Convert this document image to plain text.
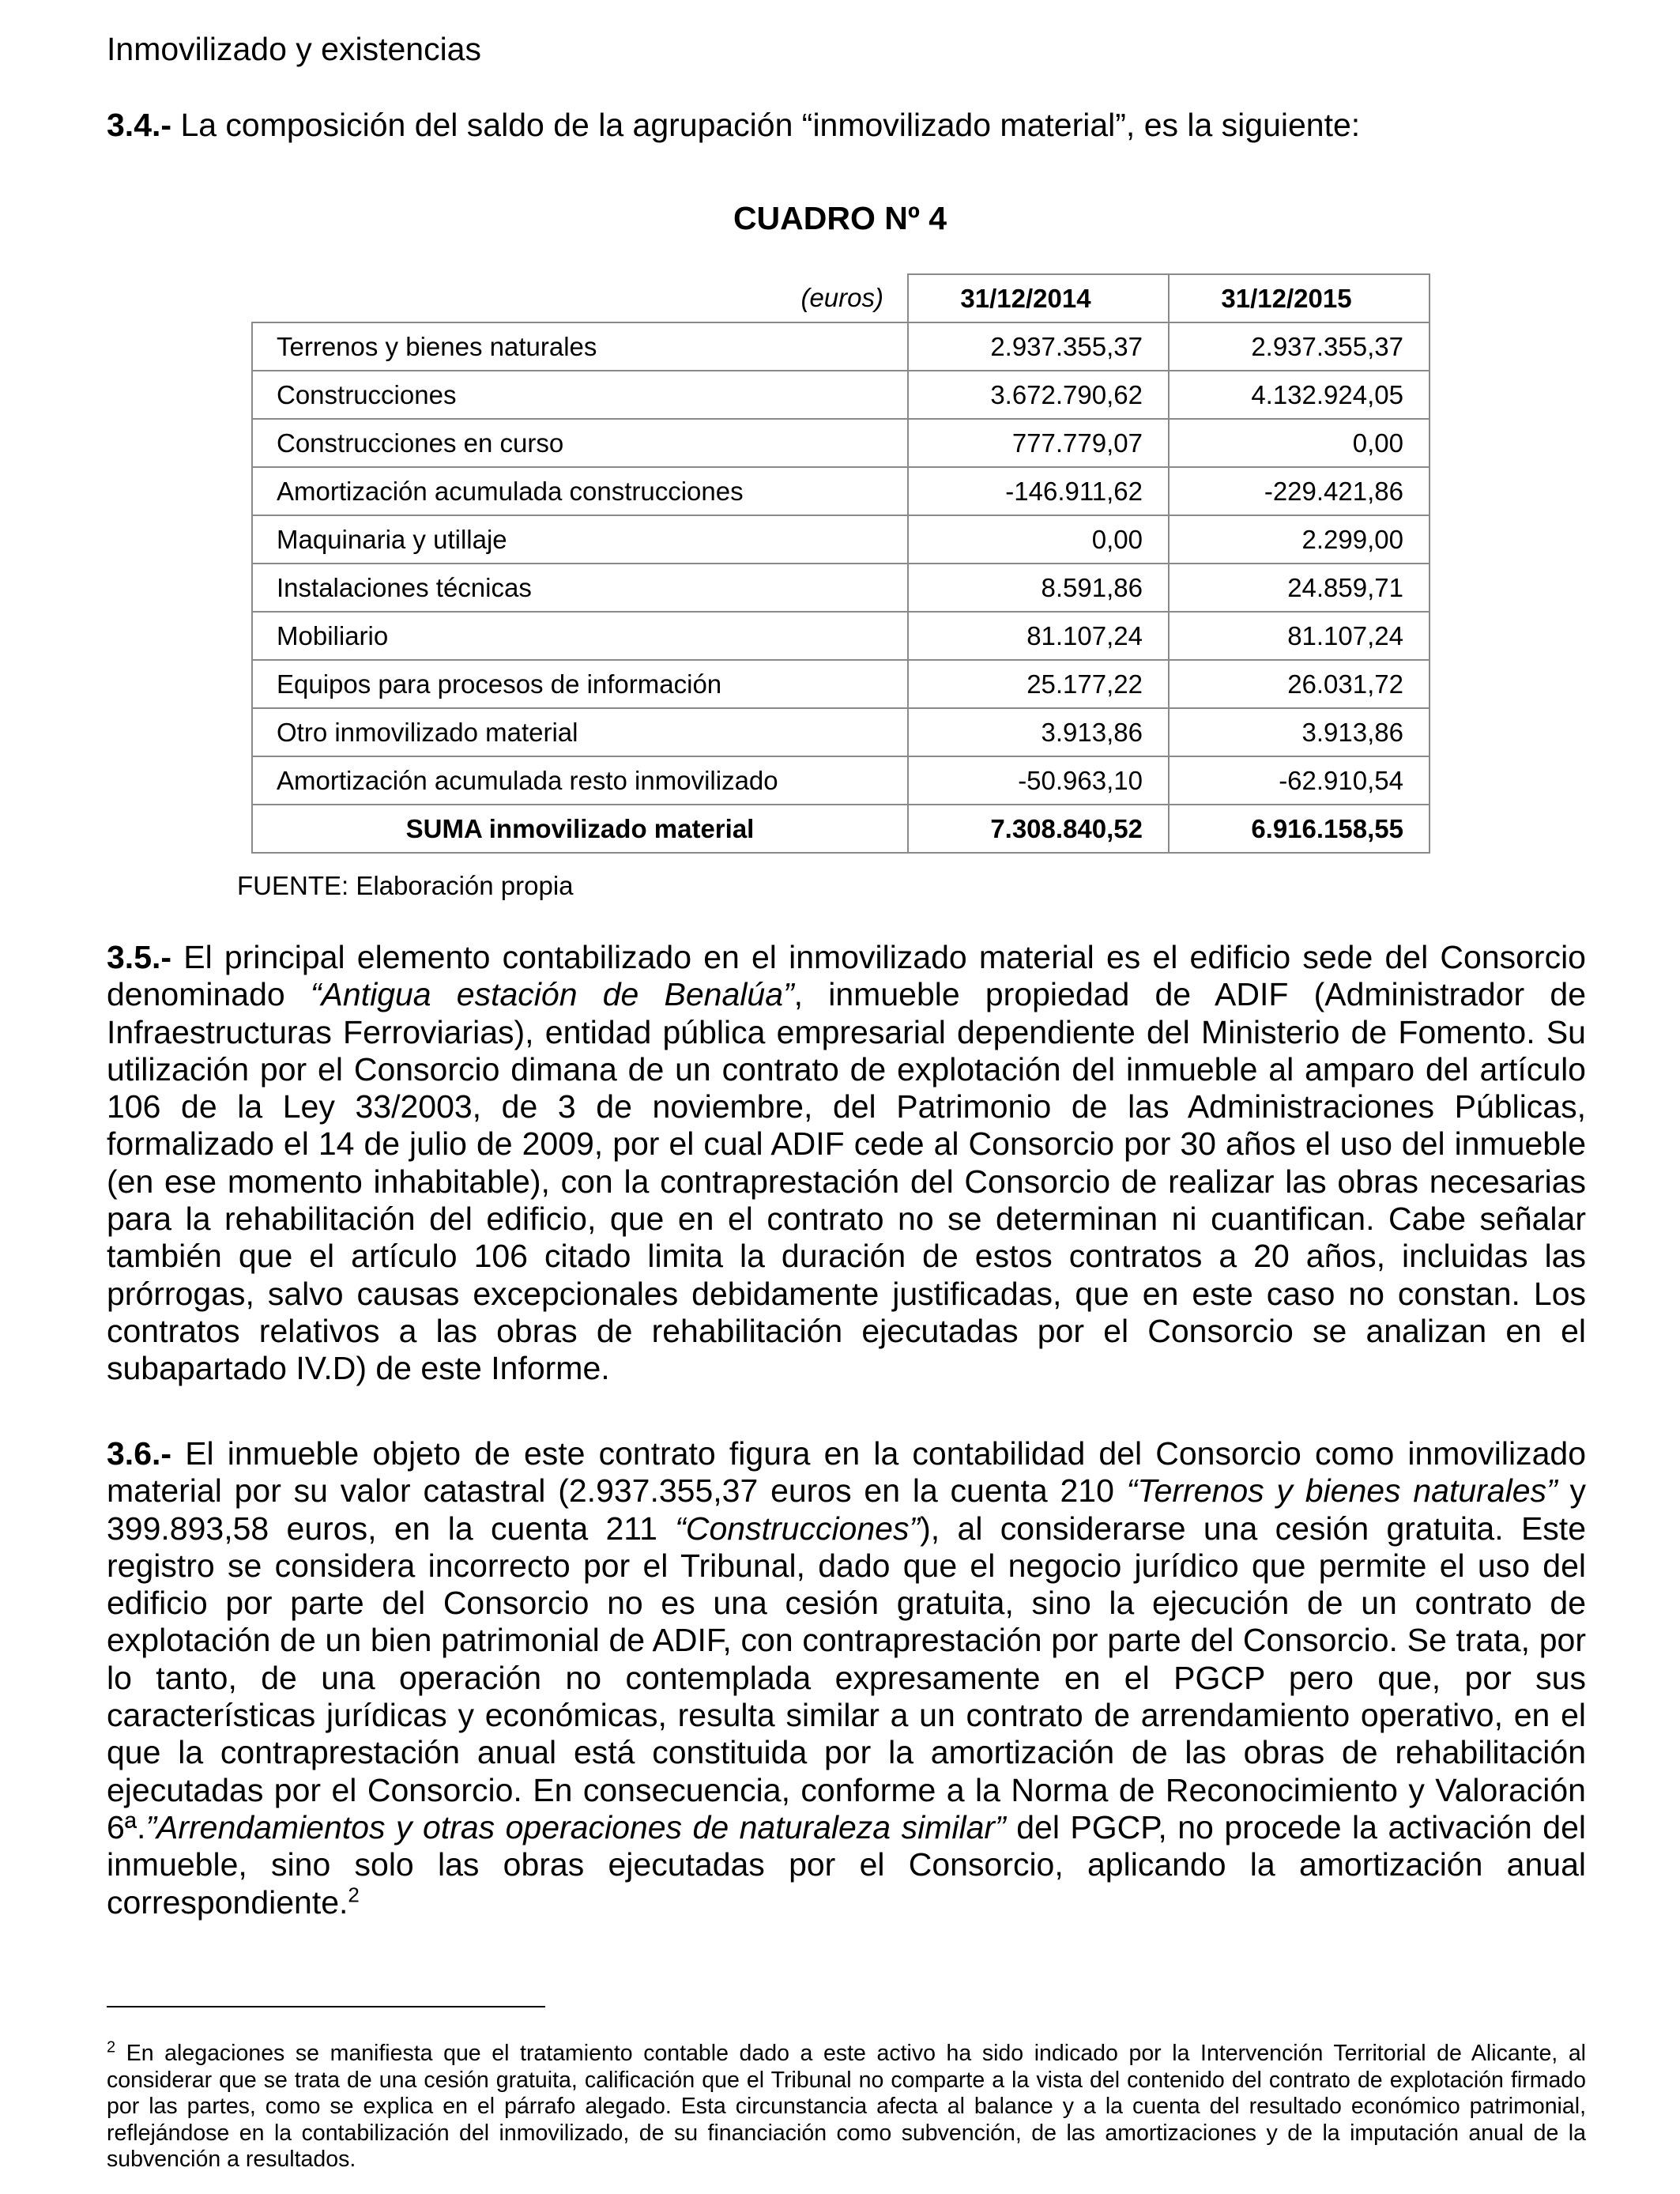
Inmovilizado y existencias
3.4.- La composición del saldo de la agrupación “inmovilizado material”, es la siguiente:
CUADRO Nº 4
(euros)	31/12/2014	31/12/2015
Terrenos y bienes naturales	2.937.355,37	2.937.355,37
Construcciones	3.672.790,62	4.132.924,05
Construcciones en curso	777.779,07	0,00
Amortización acumulada construcciones	-146.911,62	-229.421,86
Maquinaria y utillaje	0,00	2.299,00
Instalaciones técnicas	8.591,86	24.859,71
Mobiliario	81.107,24	81.107,24
Equipos para procesos de información	25.177,22	26.031,72
Otro inmovilizado material	3.913,86	3.913,86
Amortización acumulada resto inmovilizado	-50.963,10	-62.910,54
SUMA inmovilizado material	7.308.840,52	6.916.158,55
FUENTE: Elaboración propia
3.5.- El principal elemento contabilizado en el inmovilizado material es el edificio sede del Consorcio denominado “Antigua estación de Benalúa”, inmueble propiedad de ADIF (Administrador de Infraestructuras Ferroviarias), entidad pública empresarial dependiente del Ministerio de Fomento. Su utilización por el Consorcio dimana de un contrato de explotación del inmueble al amparo del artículo 106 de la Ley 33/2003, de 3 de noviembre, del Patrimonio de las Administraciones Públicas, formalizado el 14 de julio de 2009, por el cual ADIF cede al Consorcio por 30 años el uso del inmueble (en ese momento inhabitable), con la contraprestación del Consorcio de realizar las obras necesarias para la rehabilitación del edificio, que en el contrato no se determinan ni cuantifican. Cabe señalar también que el artículo 106 citado limita la duración de estos contratos a 20 años, incluidas las prórrogas, salvo causas excepcionales debidamente justificadas, que en este caso no constan. Los contratos relativos a las obras de rehabilitación ejecutadas por el Consorcio se analizan en el subapartado IV.D) de este Informe.
3.6.- El inmueble objeto de este contrato figura en la contabilidad del Consorcio como inmovilizado material por su valor catastral (2.937.355,37 euros en la cuenta 210 “Terrenos y bienes naturales” y 399.893,58 euros, en la cuenta 211 “Construcciones”), al considerarse una cesión gratuita. Este registro se considera incorrecto por el Tribunal, dado que el negocio jurídico que permite el uso del edificio por parte del Consorcio no es una cesión gratuita, sino la ejecución de un contrato de explotación de un bien patrimonial de ADIF, con contraprestación por parte del Consorcio. Se trata, por lo tanto, de una operación no contemplada expresamente en el PGCP pero que, por sus características jurídicas y económicas, resulta similar a un contrato de arrendamiento operativo, en el que la contraprestación anual está constituida por la amortización de las obras de rehabilitación ejecutadas por el Consorcio. En consecuencia, conforme a la Norma de Reconocimiento y Valoración 6ª.”Arrendamientos y otras operaciones de naturaleza similar” del PGCP, no procede la activación del inmueble, sino solo las obras ejecutadas por el Consorcio, aplicando la amortización anual correspondiente.$^2$
$^2$ En alegaciones se manifiesta que el tratamiento contable dado a este activo ha sido indicado por la Intervención Territorial de Alicante, al considerar que se trata de una cesión gratuita, calificación que el Tribunal no comparte a la vista del contenido del contrato de explotación firmado por las partes, como se explica en el párrafo alegado. Esta circunstancia afecta al balance y a la cuenta del resultado económico patrimonial, reflejándose en la contabilización del inmovilizado, de su financiación como subvención, de las amortizaciones y de la imputación anual de la subvención a resultados.
